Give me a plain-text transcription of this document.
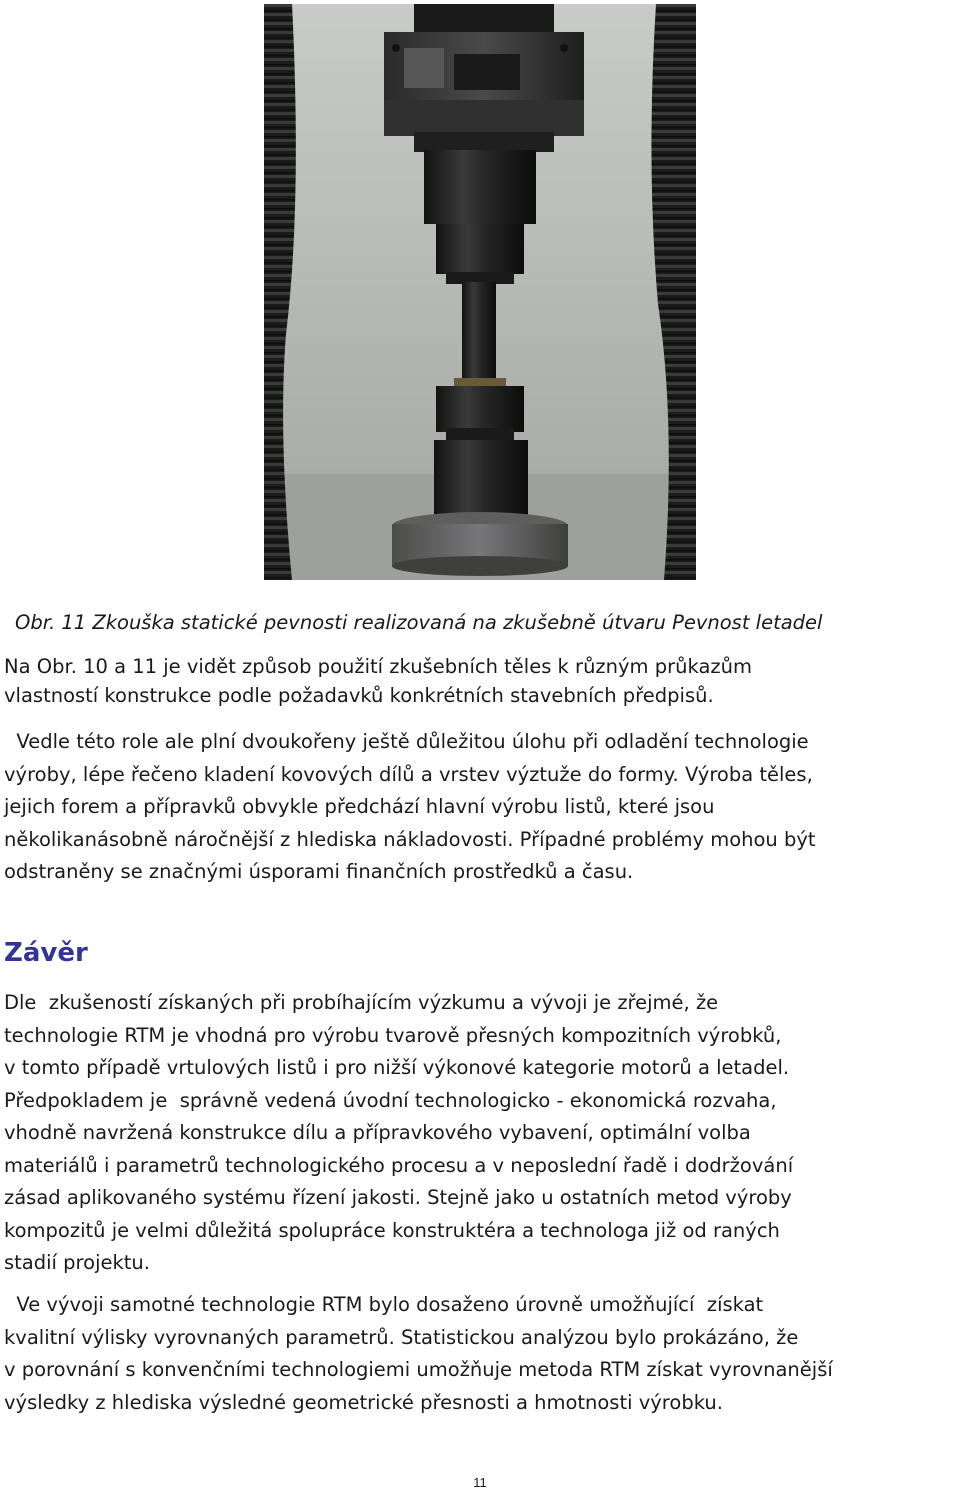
Obr. 11 Zkouška statické pevnosti realizovaná na zkušebně útvaru Pevnost letadel
Na Obr. 10 a 11 je vidět způsob použití zkušebních těles k různým průkazům
vlastností konstrukce podle požadavků konkrétních stavebních předpisů.
Vedle této role ale plní dvoukořeny ještě důležitou úlohu při odladění technologie
výroby, lépe řečeno kladení kovových dílů a vrstev výztuže do formy. Výroba těles,
jejich forem a přípravků obvykle předchází hlavní výrobu listů, které jsou
několikanásobně náročnější z hlediska nákladovosti. Případné problémy mohou být
odstraněny se značnými úsporami finančních prostředků a času.
Závěr
Dle  zkušeností získaných při probíhajícím výzkumu a vývoji je zřejmé, že
technologie RTM je vhodná pro výrobu tvarově přesných kompozitních výrobků,
v tomto případě vrtulových listů i pro nižší výkonové kategorie motorů a letadel.
Předpokladem je  správně vedená úvodní technologicko - ekonomická rozvaha,
vhodně navržená konstrukce dílu a přípravkového vybavení, optimální volba
materiálů i parametrů technologického procesu a v neposlední řadě i dodržování
zásad aplikovaného systému řízení jakosti. Stejně jako u ostatních metod výroby
kompozitů je velmi důležitá spolupráce konstruktéra a technologa již od raných
stadií projektu.
Ve vývoji samotné technologie RTM bylo dosaženo úrovně umožňující  získat
kvalitní výlisky vyrovnaných parametrů. Statistickou analýzou bylo prokázáno, že
v porovnání s konvenčními technologiemi umožňuje metoda RTM získat vyrovnanější
výsledky z hlediska výsledné geometrické přesnosti a hmotnosti výrobku.
11
